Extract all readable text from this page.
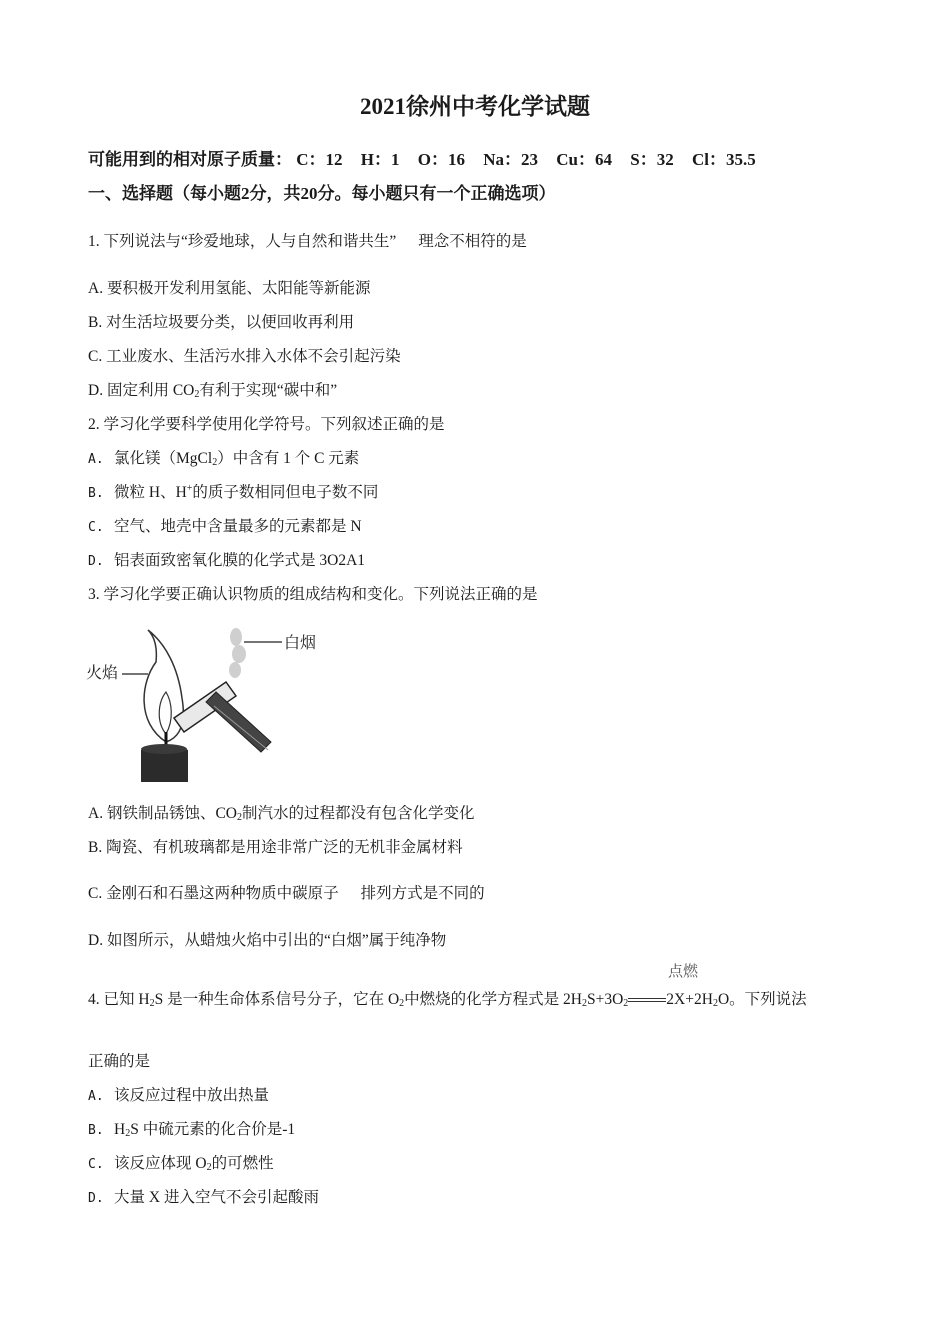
2021徐州中考化学试题
可能用到的相对原子质量： C：12 H：1 O：16 Na：23 Cu：64 S：32 Cl：35.5
一、选择题（每小题2分，共20分。每小题只有一个正确选项）
1. 下列说法与“珍爱地球，人与自然和谐共生” 理念不相符的是
A. 要积极开发利用氢能、太阳能等新能源
B. 对生活垃圾要分类，以便回收再利用
C. 工业废水、生活污水排入水体不会引起污染
D. 固定利用 $CO_2$有利于实现“碳中和”
2. 学习化学要科学使用化学符号。下列叙述正确的是
A. 氯化镁（MgCl$_2$）中含有 1 个 C 元素
B. 微粒 H、H+的质子数相同但电子数不同
C. 空气、地壳中含量最多的元素都是 N
D. 铝表面致密氧化膜的化学式是 3O2A1
3. 学习化学要正确认识物质的组成结构和变化。下列说法正确的是
白烟
火焰
A. 钢铁制品锈蚀、$CO_2$制汽水的过程都没有包含化学变化
B. 陶瓷、有机玻璃都是用途非常广泛的无机非金属材料
C. 金刚石和石墨这两种物质中碳原子 排列方式是不同的
D. 如图所示，从蜡烛火焰中引出的“白烟”属于纯净物
点燃
4. 已知 $H_2S$ 是一种生命体系信号分子，它在 $O_2$中燃烧的化学方程式是 $2H_2S+3O_2$ $2X+2H_2O$。下列说法
正确的是
A. 该反应过程中放出热量
B. $H_2S$ 中硫元素的化合价是-1
C. 该反应体现 $O_2$的可燃性
D. 大量 X 进入空气不会引起酸雨
